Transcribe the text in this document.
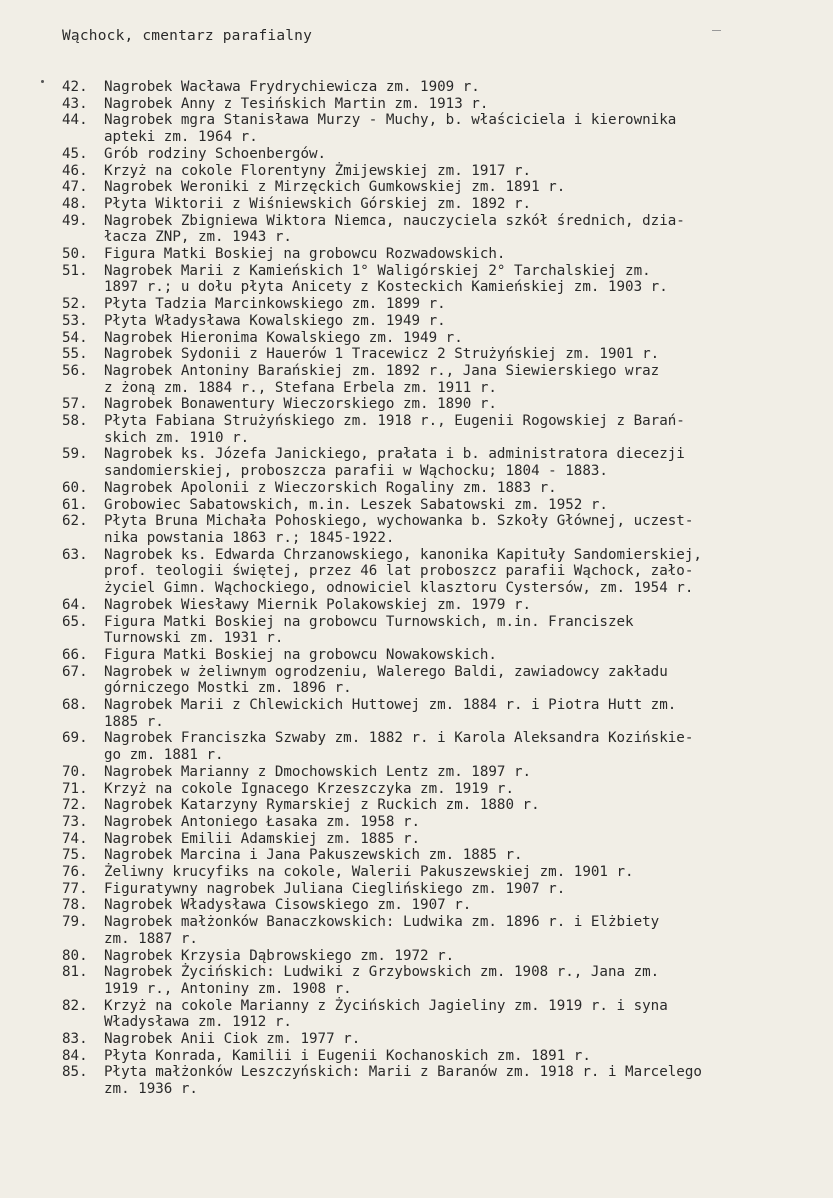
Wąchock, cmentarz parafialny
42.	Nagrobek Wacława Frydrychiewicza zm. 1909 r.
43.	Nagrobek Anny z Tesińskich Martin zm. 1913 r.
44.	Nagrobek mgra Stanisława Murzy - Muchy, b. właściciela i kierownika
apteki zm. 1964 r.
45.	Grób rodziny Schoenbergów.
46.	Krzyż na cokole Florentyny Żmijewskiej zm. 1917 r.
47.	Nagrobek Weroniki z Mirzęckich Gumkowskiej zm. 1891 r.
48.	Płyta Wiktorii z Wiśniewskich Górskiej zm. 1892 r.
49.	Nagrobek Zbigniewa Wiktora Niemca, nauczyciela szkół średnich, dzia-
łacza ZNP, zm. 1943 r.
50.	Figura Matki Boskiej na grobowcu Rozwadowskich.
51.	Nagrobek Marii z Kamieńskich 1° Waligórskiej 2° Tarchalskiej zm.
1897 r.; u dołu płyta Anicety z Kosteckich Kamieńskiej zm. 1903 r.
52.	Płyta Tadzia Marcinkowskiego zm. 1899 r.
53.	Płyta Władysława Kowalskiego zm. 1949 r.
54.	Nagrobek Hieronima Kowalskiego zm. 1949 r.
55.	Nagrobek Sydonii z Hauerów 1 Tracewicz 2 Strużyńskiej zm. 1901 r.
56.	Nagrobek Antoniny Barańskiej zm. 1892 r., Jana Siewierskiego wraz
z żoną zm. 1884 r., Stefana Erbela zm. 1911 r.
57.	Nagrobek Bonawentury Wieczorskiego zm. 1890 r.
58.	Płyta Fabiana Strużyńskiego zm. 1918 r., Eugenii Rogowskiej z Barań-
skich zm. 1910 r.
59.	Nagrobek ks. Józefa Janickiego, prałata i b. administratora diecezji
sandomierskiej, proboszcza parafii w Wąchocku; 1804 - 1883.
60.	Nagrobek Apolonii z Wieczorskich Rogaliny zm. 1883 r.
61.	Grobowiec Sabatowskich, m.in. Leszek Sabatowski zm. 1952 r.
62.	Płyta Bruna Michała Pohoskiego, wychowanka b. Szkoły Głównej, uczest-
nika powstania 1863 r.; 1845-1922.
63.	Nagrobek ks. Edwarda Chrzanowskiego, kanonika Kapituły Sandomierskiej,
prof. teologii świętej, przez 46 lat proboszcz parafii Wąchock, zało-
życiel Gimn. Wąchockiego, odnowiciel klasztoru Cystersów, zm. 1954 r.
64.	Nagrobek Wiesławy Miernik Polakowskiej zm. 1979 r.
65.	Figura Matki Boskiej na grobowcu Turnowskich, m.in. Franciszek
Turnowski zm. 1931 r.
66.	Figura Matki Boskiej na grobowcu Nowakowskich.
67.	Nagrobek w żeliwnym ogrodzeniu, Walerego Baldi, zawiadowcy zakładu
górniczego Mostki zm. 1896 r.
68.	Nagrobek Marii z Chlewickich Huttowej zm. 1884 r. i Piotra Hutt zm.
1885 r.
69.	Nagrobek Franciszka Szwaby zm. 1882 r. i Karola Aleksandra Kozińskie-
go zm. 1881 r.
70.	Nagrobek Marianny z Dmochowskich Lentz zm. 1897 r.
71.	Krzyż na cokole Ignacego Krzeszczyka zm. 1919 r.
72.	Nagrobek Katarzyny Rymarskiej z Ruckich zm. 1880 r.
73.	Nagrobek Antoniego Łasaka zm. 1958 r.
74.	Nagrobek Emilii Adamskiej zm. 1885 r.
75.	Nagrobek Marcina i Jana Pakuszewskich zm. 1885 r.
76.	Żeliwny krucyfiks na cokole, Walerii Pakuszewskiej zm. 1901 r.
77.	Figuratywny nagrobek Juliana Cieglińskiego zm. 1907 r.
78.	Nagrobek Władysława Cisowskiego zm. 1907 r.
79.	Nagrobek małżonków Banaczkowskich: Ludwika zm. 1896 r. i Elżbiety
zm. 1887 r.
80.	Nagrobek Krzysia Dąbrowskiego zm. 1972 r.
81.	Nagrobek Życińskich: Ludwiki z Grzybowskich zm. 1908 r., Jana zm.
1919 r., Antoniny zm. 1908 r.
82.	Krzyż na cokole Marianny z Życińskich Jagieliny zm. 1919 r. i syna
Władysława zm. 1912 r.
83.	Nagrobek Anii Ciok zm. 1977 r.
84.	Płyta Konrada, Kamilii i Eugenii Kochanoskich zm. 1891 r.
85.	Płyta małżonków Leszczyńskich: Marii z Baranów zm. 1918 r. i Marcelego
zm. 1936 r.
